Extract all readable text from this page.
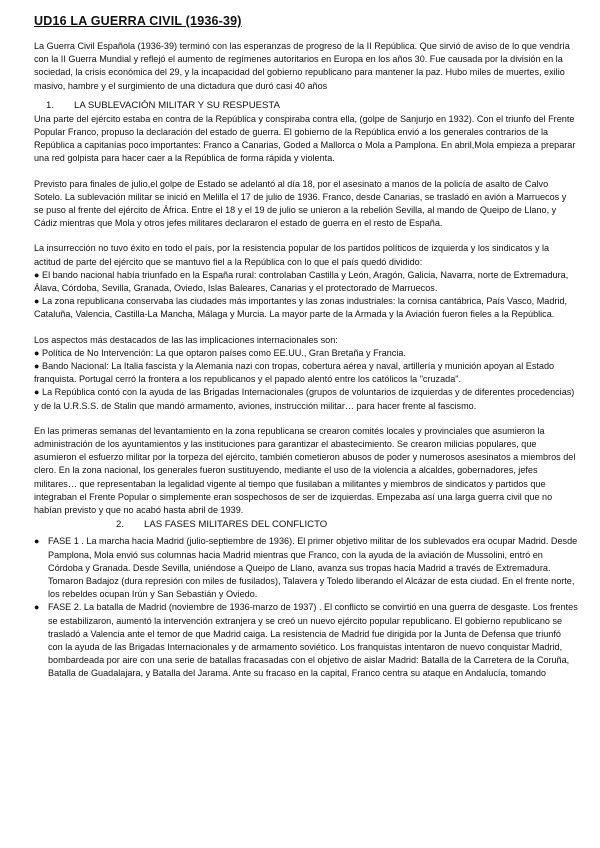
UD16 LA GUERRA CIVIL (1936-39)

La Guerra Civil Española (1936-39) terminó con las esperanzas de progreso de la II República. Que sirvió de aviso de lo que vendría con la II Guerra Mundial y reflejó el aumento de regímenes autoritarios en Europa en los años 30. Fue causada por la división en la sociedad, la crisis económica del 29, y la incapacidad del gobierno republicano para mantener la paz. Hubo miles de muertes, exilio masivo, hambre y el surgimiento de una dictadura que duró casi 40 años

1. LA SUBLEVACIÓN MILITAR Y SU RESPUESTA

Una parte del ejército estaba en contra de la República y conspiraba contra ella, (golpe de Sanjurjo en 1932). Con el triunfo del Frente Popular Franco, propuso la declaración del estado de guerra. El gobierno de la República envió a los generales contrarios de la República a capitanías poco importantes: Franco a Canarias, Goded a Mallorca o Mola a Pamplona. En abril,Mola empieza a preparar una red golpista para hacer caer a la República de forma rápida y violenta.

Previsto para finales de julio,el golpe de Estado se adelantó al día 18, por el asesinato a manos de la policía de asalto de Calvo Sotelo. La sublevación militar se inició en Melilla el 17 de julio de 1936. Franco, desde Canarias, se trasladó en avión a Marruecos y se puso al frente del ejército de África. Entre el 18 y el 19 de julio se unieron a la rebelión Sevilla, al mando de Queipo de Llano, y Cádiz mientras que Mola y otros jefes militares declararon el estado de guerra en el resto de España.

La insurrección no tuvo éxito en todo el país, por la resistencia popular de los partidos políticos de izquierda y los sindicatos y la actitud de parte del ejército que se mantuvo fiel a la República con lo que el país quedó dividido:

● El bando nacional había triunfado en la España rural: controlaban Castilla y León, Aragón, Galicia, Navarra, norte de Extremadura, Álava, Córdoba, Sevilla, Granada, Oviedo, Islas Baleares, Canarias y el protectorado de Marruecos.

● La zona republicana conservaba las ciudades más importantes y las zonas industriales: la cornisa cantábrica, País Vasco, Madrid, Cataluña, Valencia, Castilla-La Mancha, Málaga y Murcia. La mayor parte de la Armada y la Aviación fueron fieles a la República.

Los aspectos más destacados de las las implicaciones internacionales son:

● Política de No Intervención: La que optaron países como EE.UU., Gran Bretaña y Francia.

● Bando Nacional: La Italia fascista y la Alemania nazi con tropas, cobertura aérea y naval, artillería y munición apoyan al Estado franquista. Portugal cerró la frontera a los republicanos y el papado alentó entre los católicos la "cruzada".

● La República contó con la ayuda de las Brigadas Internacionales (grupos de voluntarios de izquierdas y de diferentes procedencias) y de la U.R.S.S. de Stalin que mandó armamento, aviones, instrucción militar… para hacer frente al fascismo.

En las primeras semanas del levantamiento en la zona republicana se crearon comités locales y provinciales que asumieron la administración de los ayuntamientos y las instituciones para garantizar el abastecimiento. Se crearon milicias populares, que asumieron el esfuerzo militar por la torpeza del ejército, también cometieron abusos de poder y numerosos asesinatos a miembros del clero. En la zona nacional, los generales fueron sustituyendo, mediante el uso de la violencia a alcaldes, gobernadores, jefes militares… que representaban la legalidad vigente al tiempo que fusilaban a militantes y miembros de sindicatos y partidos que integraban el Frente Popular o simplemente eran sospechosos de ser de izquierdas. Empezaba así una larga guerra civil que no habían previsto y que no acabó hasta abril de 1939.

2. LAS FASES MILITARES DEL CONFLICTO
● FASE 1 . La marcha hacia Madrid (julio-septiembre de 1936). El primer objetivo militar de los sublevados era ocupar Madrid. Desde Pamplona, Mola envió sus columnas hacia Madrid mientras que Franco, con la ayuda de la aviación de Mussolini, entró en Córdoba y Granada. Desde Sevilla, uniéndose a Queipo de Llano, avanza sus tropas hacia Madrid a través de Extremadura. Tomaron Badajoz (dura represión con miles de fusilados), Talavera y Toledo liberando el Alcázar de esta ciudad. En el frente norte, los rebeldes ocupan Irún y San Sebastián y Oviedo.

● FASE 2. La batalla de Madrid (noviembre de 1936-marzo de 1937) . El conflicto se convirtió en una guerra de desgaste. Los frentes se estabilizaron, aumentó la intervención extranjera y se creó un nuevo ejército popular republicano. El gobierno republicano se trasladó a Valencia ante el temor de que Madrid caiga. La resistencia de Madrid fue dirigida por la Junta de Defensa que triunfó con la ayuda de las Brigadas Internacionales y de armamento soviético. Los franquistas intentaron de nuevo conquistar Madrid, bombardeada por aire con una serie de batallas fracasadas con el objetivo de aislar Madrid: Batalla de la Carretera de la Coruña, Batalla de Guadalajara, y Batalla del Jarama. Ante su fracaso en la capital, Franco centra su ataque en Andalucía, tomando
